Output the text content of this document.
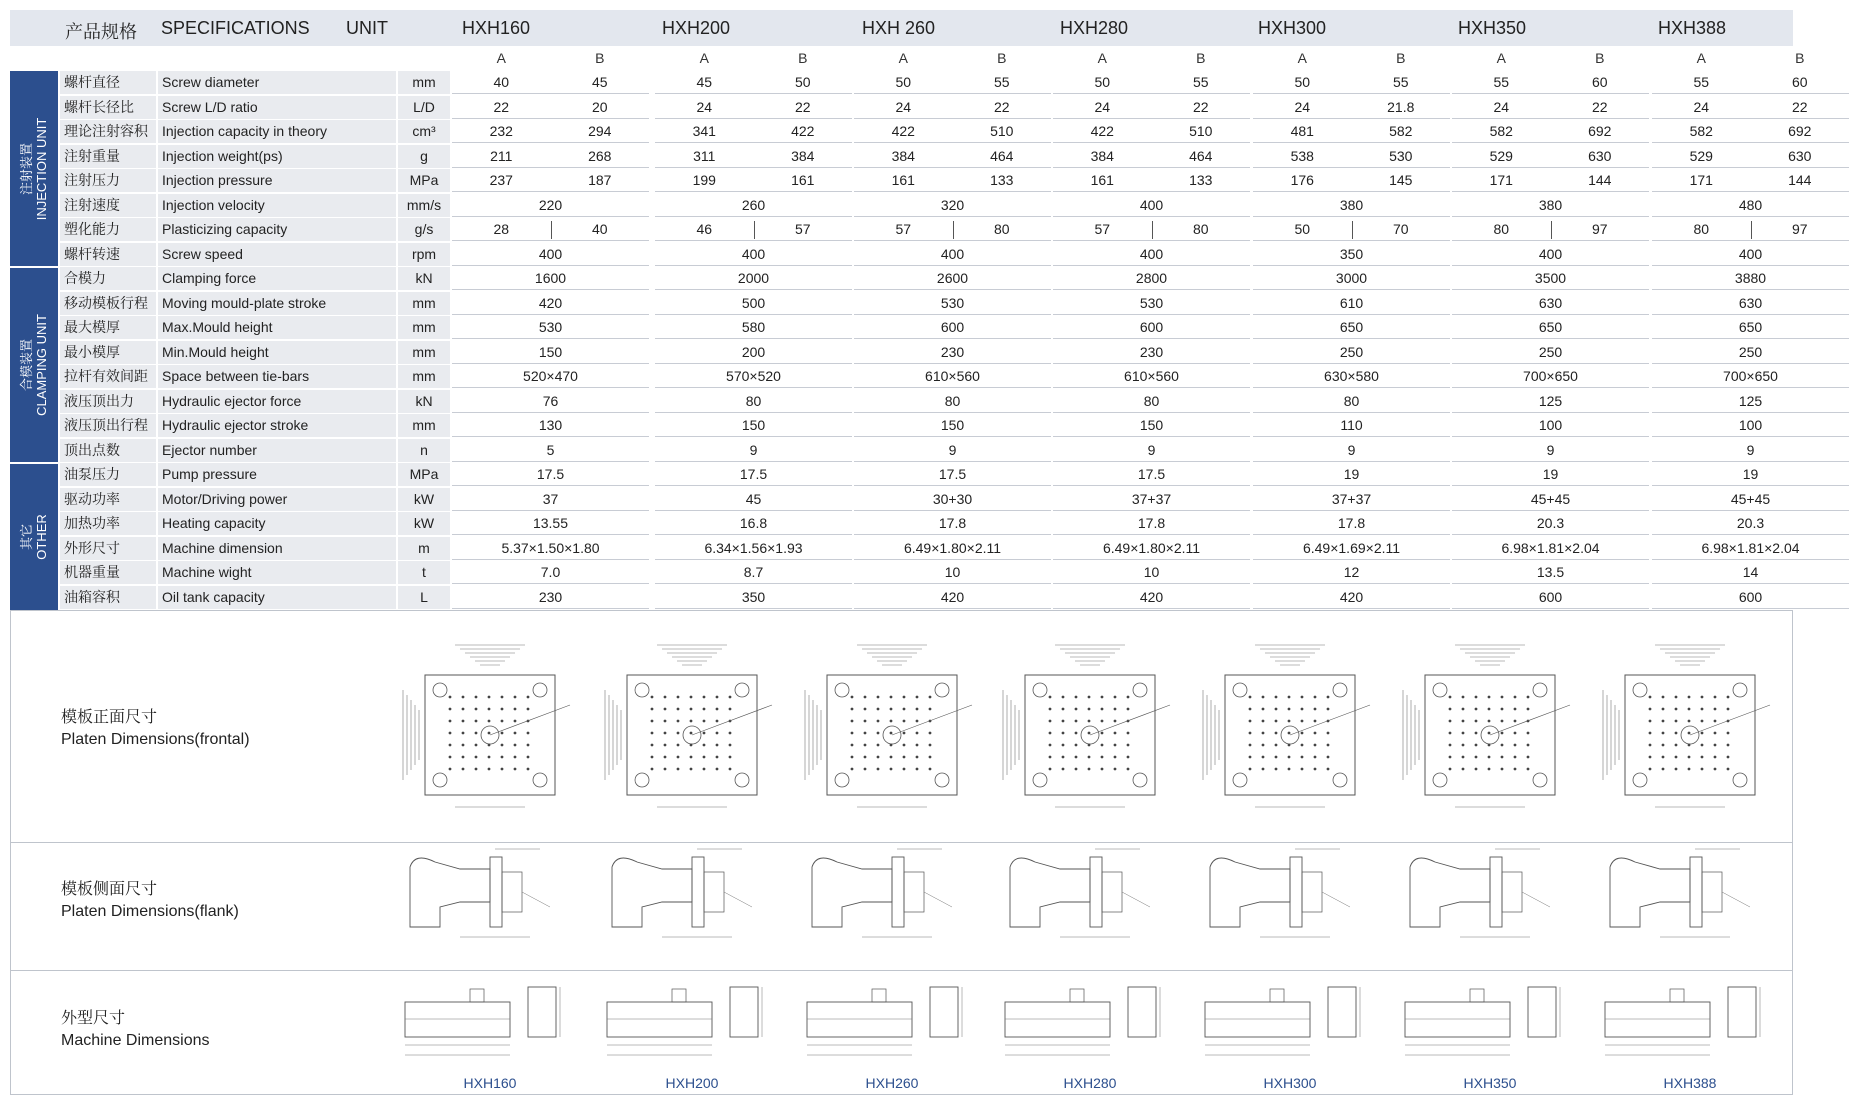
产品规格 SPECIFICATIONS UNIT	HXH160	HXH200	HXH 260	HXH280	HXH300	HXH350	HXH388
A	B	A	B	A	B	A	B	A	B	A	B	A	B
注射装置 INJECTION UNIT
合模装置 CLAMPING UNIT
其它 OTHER
螺杆直径	Screw diameter	mm	40	45	45	50	50	55	50	55	50	55	55	60	55	60
螺杆长径比	Screw L/D ratio	L/D	22	20	24	22	24	22	24	22	24	21.8	24	22	24	22
理论注射容积	Injection capacity in theory	cm³	232	294	341	422	422	510	422	510	481	582	582	692	582	692
注射重量	Injection weight(ps)	g	211	268	311	384	384	464	384	464	538	530	529	630	529	630
注射压力	Injection pressure	MPa	237	187	199	161	161	133	161	133	176	145	171	144	171	144
注射速度	Injection velocity	mm/s	220	260	320	400	380	380	480
塑化能力	Plasticizing capacity	g/s	28	40	46	57	57	80	57	80	50	70	80	97	80	97
螺杆转速	Screw speed	rpm	400	400	400	400	350	400	400
合模力	Clamping force	kN	1600	2000	2600	2800	3000	3500	3880
移动模板行程	Moving mould-plate stroke	mm	420	500	530	530	610	630	630
最大模厚	Max.Mould height	mm	530	580	600	600	650	650	650
最小模厚	Min.Mould height	mm	150	200	230	230	250	250	250
拉杆有效间距	Space between tie-bars	mm	520×470	570×520	610×560	610×560	630×580	700×650	700×650
液压顶出力	Hydraulic ejector force	kN	76	80	80	80	80	125	125
液压顶出行程	Hydraulic ejector stroke	mm	130	150	150	150	110	100	100
顶出点数	Ejector number	n	5	9	9	9	9	9	9
油泵压力	Pump pressure	MPa	17.5	17.5	17.5	17.5	19	19	19
驱动功率	Motor/Driving power	kW	37	45	30+30	37+37	37+37	45+45	45+45
加热功率	Heating capacity	kW	13.55	16.8	17.8	17.8	17.8	20.3	20.3
外形尺寸	Machine dimension	m	5.37×1.50×1.80	6.34×1.56×1.93	6.49×1.80×2.11	6.49×1.80×2.11	6.49×1.69×2.11	6.98×1.81×2.04	6.98×1.81×2.04
机器重量	Machine wight	t	7.0	8.7	10	10	12	13.5	14
油箱容积	Oil tank capacity	L	230	350	420	420	420	600	600
模板正面尺寸
Platen Dimensions(frontal)
模板侧面尺寸
Platen Dimensions(flank)
外型尺寸
Machine Dimensions
HXH160	HXH200	HXH260	HXH280	HXH300	HXH350	HXH388
